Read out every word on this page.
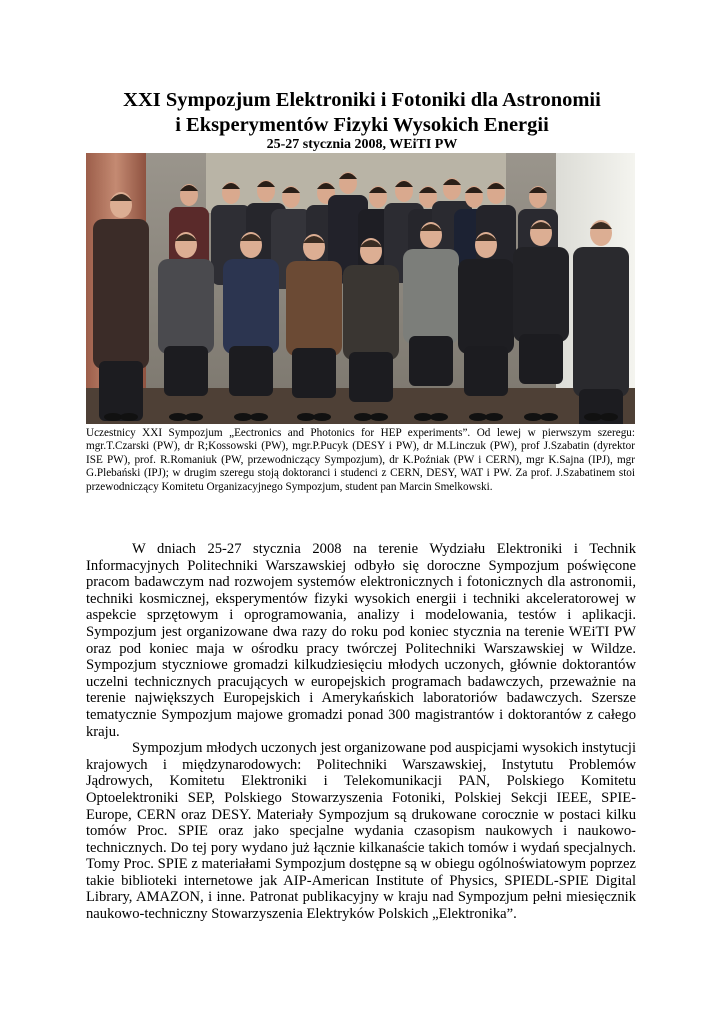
XXI Sympozjum Elektroniki i Fotoniki dla Astronomii
i Eksperymentów Fizyki Wysokich Energii
25-27 stycznia 2008, WEiTI PW
Uczestnicy XXI Sympozjum „Eectronics and Photonics for HEP experiments”. Od lewej w pierwszym szeregu: mgr.T.Czarski (PW), dr R;Kossowski (PW), mgr.P.Pucyk (DESY i PW), dr M.Linczuk (PW), prof J.Szabatin (dyrektor ISE PW), prof. R.Romaniuk (PW, przewodniczący Sympozjum), dr K.Poźniak (PW i CERN), mgr K.Sajna (IPJ), mgr G.Plebański (IPJ); w drugim szeregu stoją doktoranci i studenci z CERN, DESY, WAT i PW. Za prof. J.Szabatinem stoi przewodniczący Komitetu Organizacyjnego Sympozjum, student pan Marcin Smelkowski.

W dniach 25-27 stycznia 2008 na terenie Wydziału Elektroniki i Technik Informacyjnych Politechniki Warszawskiej odbyło się doroczne Sympozjum poświęcone pracom badawczym nad rozwojem systemów elektronicznych i fotonicznych dla astronomii, techniki kosmicznej, eksperymentów fizyki wysokich energii i techniki akceleratorowej w aspekcie sprzętowym i oprogramowania, analizy i modelowania, testów i aplikacji. Sympozjum jest organizowane dwa razy do roku pod koniec stycznia na terenie WEiTI PW oraz pod koniec maja w ośrodku pracy twórczej Politechniki Warszawskiej w Wildze. Sympozjum styczniowe gromadzi kilkudziesięciu młodych uczonych, głównie doktorantów uczelni technicznych pracujących w europejskich programach badawczych, przeważnie na terenie największych Europejskich i Amerykańskich laboratoriów badawczych. Szersze tematycznie Sympozjum majowe gromadzi ponad 300 magistrantów i doktorantów z całego kraju.

Sympozjum młodych uczonych jest organizowane pod auspicjami wysokich instytucji krajowych i międzynarodowych: Politechniki Warszawskiej, Instytutu Problemów Jądrowych, Komitetu Elektroniki i Telekomunikacji PAN, Polskiego Komitetu Optoelektroniki SEP, Polskiego Stowarzyszenia Fotoniki, Polskiej Sekcji IEEE, SPIE-Europe, CERN oraz DESY. Materiały Sympozjum są drukowane corocznie w postaci kilku tomów Proc. SPIE oraz jako specjalne wydania czasopism naukowych i naukowo-technicznych. Do tej pory wydano już łącznie kilkanaście takich tomów i wydań specjalnych. Tomy Proc. SPIE z materiałami Sympozjum dostępne są w obiegu ogólnoświatowym poprzez takie biblioteki internetowe jak AIP-American Institute of Physics, SPIEDL-SPIE Digital Library, AMAZON, i inne. Patronat publikacyjny w kraju nad Sympozjum pełni miesięcznik naukowo-techniczny Stowarzyszenia Elektryków Polskich „Elektronika”.
